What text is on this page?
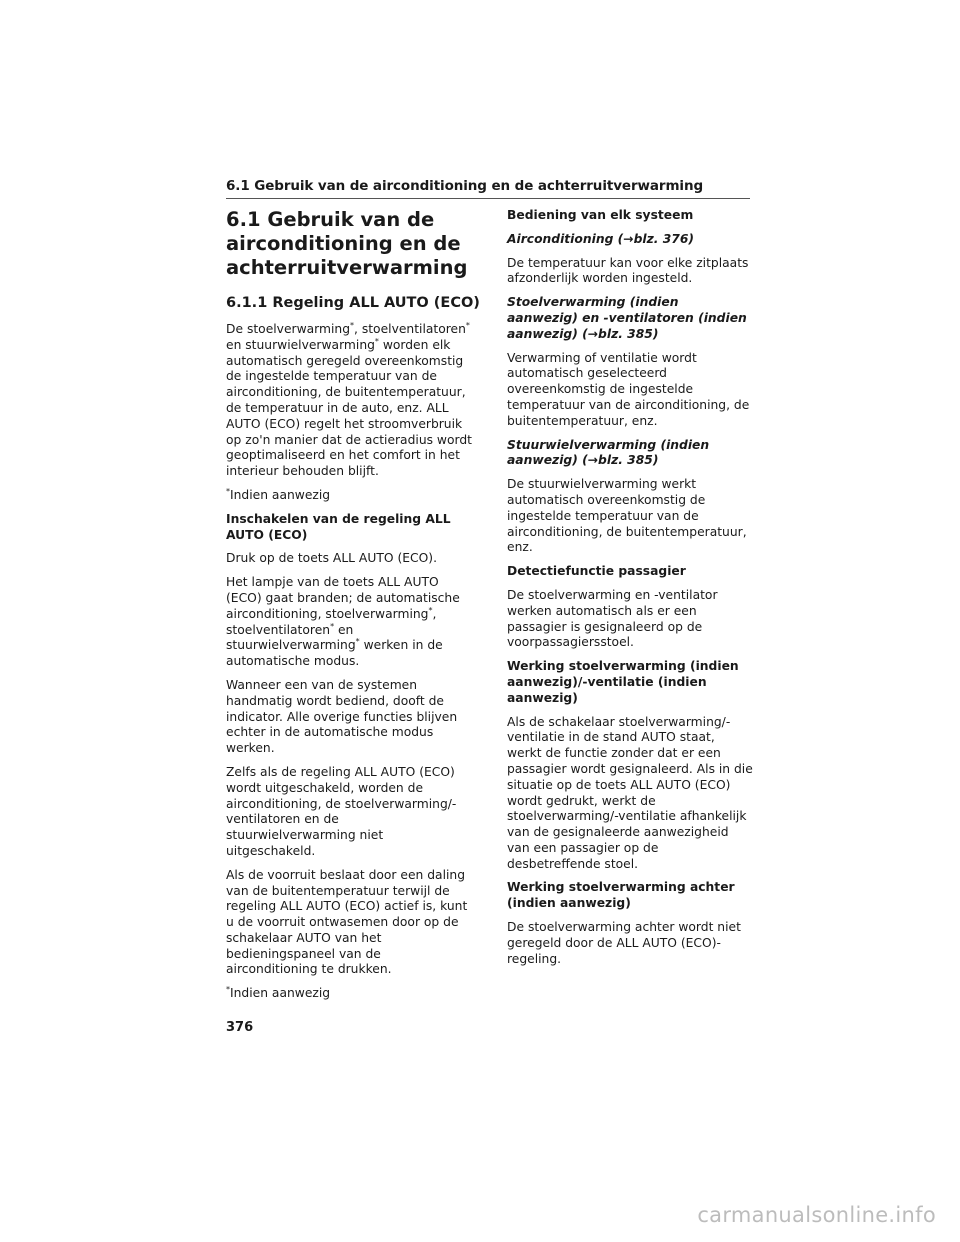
6.1 Gebruik van de airconditioning en de achterruitverwarming
6.1 Gebruik van de
airconditioning en de
achterruitverwarming
6.1.1 Regeling ALL AUTO (ECO)

De stoelverwarming*, stoelventilatoren*
en stuurwielverwarming* worden elk automatisch geregeld overeenkomstig de ingestelde temperatuur van de airconditioning, de buitentemperatuur, de temperatuur in de auto, enz. ALL AUTO (ECO) regelt het stroomverbruik op zo'n manier dat de actieradius wordt geoptimaliseerd en het comfort in het interieur behouden blijft.

*Indien aanwezig

Inschakelen van de regeling ALL AUTO (ECO)

Druk op de toets ALL AUTO (ECO).

Het lampje van de toets ALL AUTO (ECO) gaat branden; de automatische airconditioning, stoelverwarming*, stoelventilatoren* en stuurwielverwarming* werken in de automatische modus.

Wanneer een van de systemen handmatig wordt bediend, dooft de indicator. Alle overige functies blijven echter in de automatische modus werken.

Zelfs als de regeling ALL AUTO (ECO) wordt uitgeschakeld, worden de airconditioning, de stoelverwarming/-ventilatoren en de stuurwielverwarming niet uitgeschakeld.

Als de voorruit beslaat door een daling van de buitentemperatuur terwijl de regeling ALL AUTO (ECO) actief is, kunt u de voorruit ontwasemen door op de schakelaar AUTO van het bedieningspaneel van de airconditioning te drukken.

*Indien aanwezig

Bediening van elk systeem

Airconditioning (→blz. 376)

De temperatuur kan voor elke zitplaats afzonderlijk worden ingesteld.

Stoelverwarming (indien aanwezig) en -ventilatoren (indien aanwezig) (→blz. 385)

Verwarming of ventilatie wordt automatisch geselecteerd overeenkomstig de ingestelde temperatuur van de airconditioning, de buitentemperatuur, enz.

Stuurwielverwarming (indien aanwezig) (→blz. 385)

De stuurwielverwarming werkt automatisch overeenkomstig de ingestelde temperatuur van de airconditioning, de buitentemperatuur, enz.

Detectiefunctie passagier

De stoelverwarming en -ventilator werken automatisch als er een passagier is gesignaleerd op de voorpassagiersstoel.

Werking stoelverwarming (indien aanwezig)/-ventilatie (indien aanwezig)

Als de schakelaar stoelverwarming/-ventilatie in de stand AUTO staat, werkt de functie zonder dat er een passagier wordt gesignaleerd. Als in die situatie op de toets ALL AUTO (ECO) wordt gedrukt, werkt de stoelverwarming/-ventilatie afhankelijk van de gesignaleerde aanwezigheid van een passagier op de desbetreffende stoel.

Werking stoelverwarming achter (indien aanwezig)

De stoelverwarming achter wordt niet geregeld door de ALL AUTO (ECO)-regeling.

376
carmanualsonline.info
